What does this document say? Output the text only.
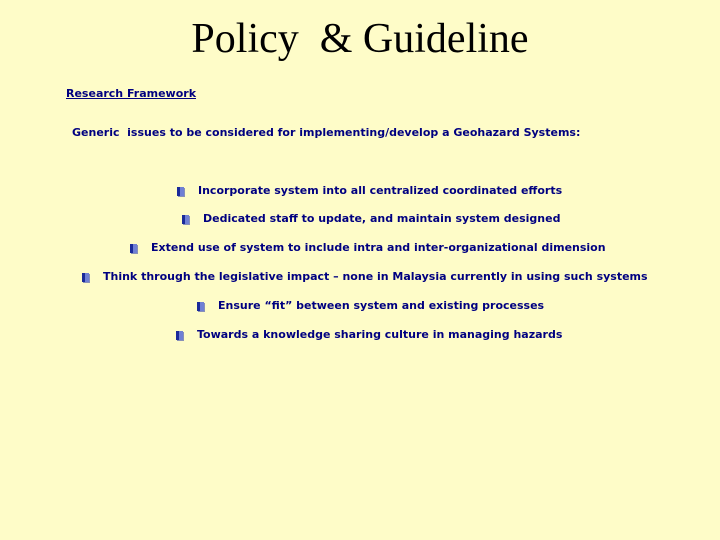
Policy  & Guideline
Research Framework
Generic  issues to be considered for implementing/develop a Geohazard Systems:
Incorporate system into all centralized coordinated efforts
Dedicated staff to update, and maintain system designed
Extend use of system to include intra and inter-organizational dimension
Think through the legislative impact – none in Malaysia currently in using such systems
Ensure “fit” between system and existing processes
Towards a knowledge sharing culture in managing hazards
